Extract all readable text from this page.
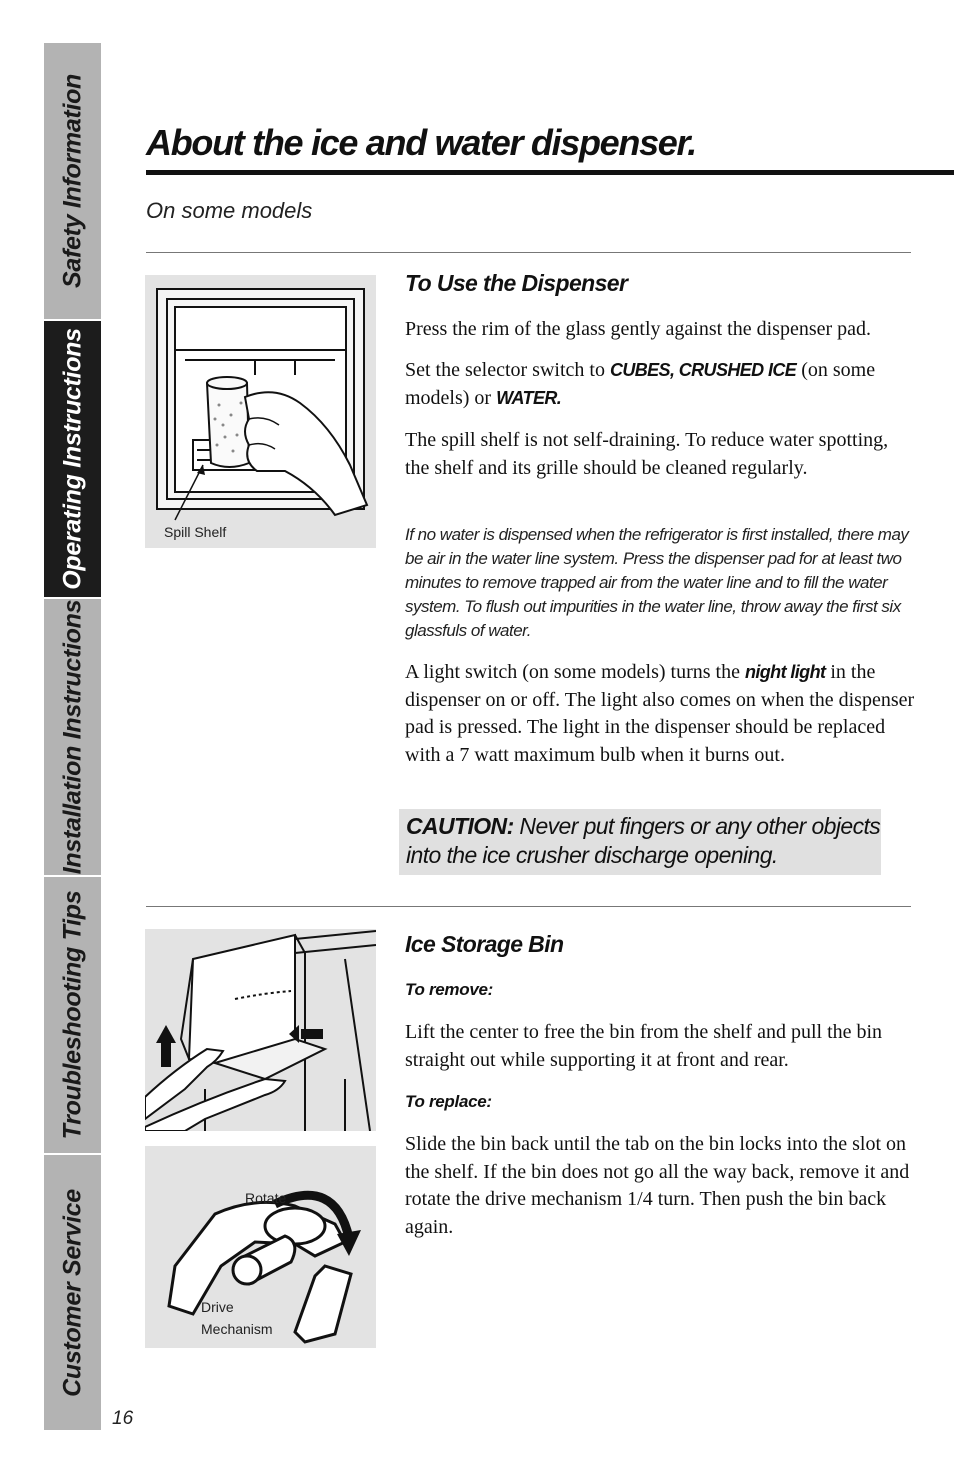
Safety Information
Operating Instructions
Installation Instructions
Troubleshooting Tips
Customer Service
About the ice and water dispenser.
On some models
Spill Shelf
To Use the Dispenser

Press the rim of the glass gently against the dispenser pad.

Set the selector switch to CUBES, CRUSHED ICE (on some models) or WATER.

The spill shelf is not self-draining. To reduce water spotting, the shelf and its grille should be cleaned regularly.

If no water is dispensed when the refrigerator is first installed, there may be air in the water line system. Press the dispenser pad for at least two minutes to remove trapped air from the water line and to fill the water system. To flush out impurities in the water line, throw away the first six glassfuls of water.

A light switch (on some models) turns the night light in the dispenser on or off. The light also comes on when the dispenser pad is pressed. The light in the dispenser should be replaced with a 7 watt maximum bulb when it burns out.

CAUTION: Never put fingers or any other objects into the ice crusher discharge opening.

Rotate
Drive
Mechanism
Ice Storage Bin
To remove:

Lift the center to free the bin from the shelf and pull the bin straight out while supporting it at front and rear.

To replace:

Slide the bin back until the tab on the bin locks into the slot on the shelf. If the bin does not go all the way back, remove it and rotate the drive mechanism 1/4 turn. Then push the bin back again.

16
